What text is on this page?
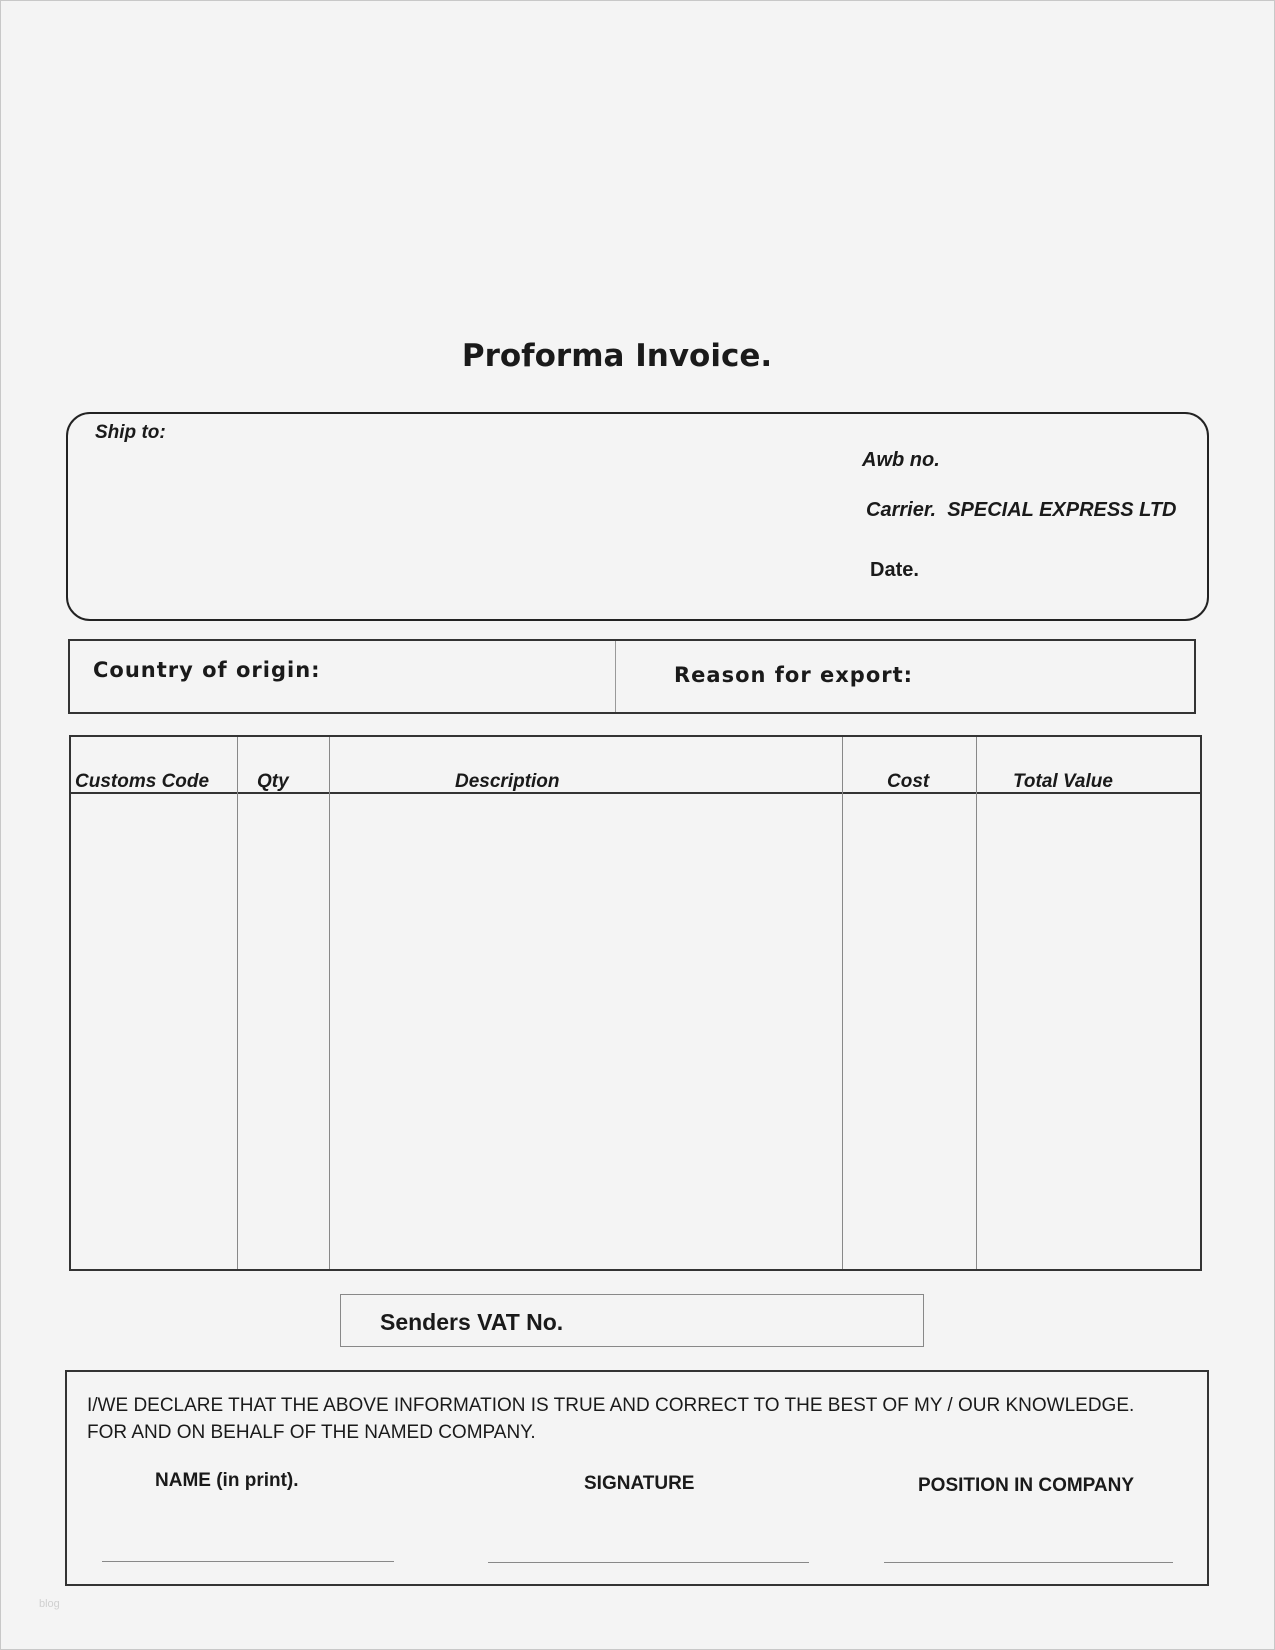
Proforma Invoice.
Ship to:
Awb no.
Carrier. SPECIAL EXPRESS LTD
Date.
Country of origin:	Reason for export:
Customs Code	Qty	Description	Cost	Total Value
Senders VAT No.
I/WE DECLARE THAT THE ABOVE INFORMATION IS TRUE AND CORRECT TO THE BEST OF MY / OUR KNOWLEDGE.
FOR AND ON BEHALF OF THE NAMED COMPANY.
NAME (in print).	SIGNATURE	POSITION IN COMPANY
blog
